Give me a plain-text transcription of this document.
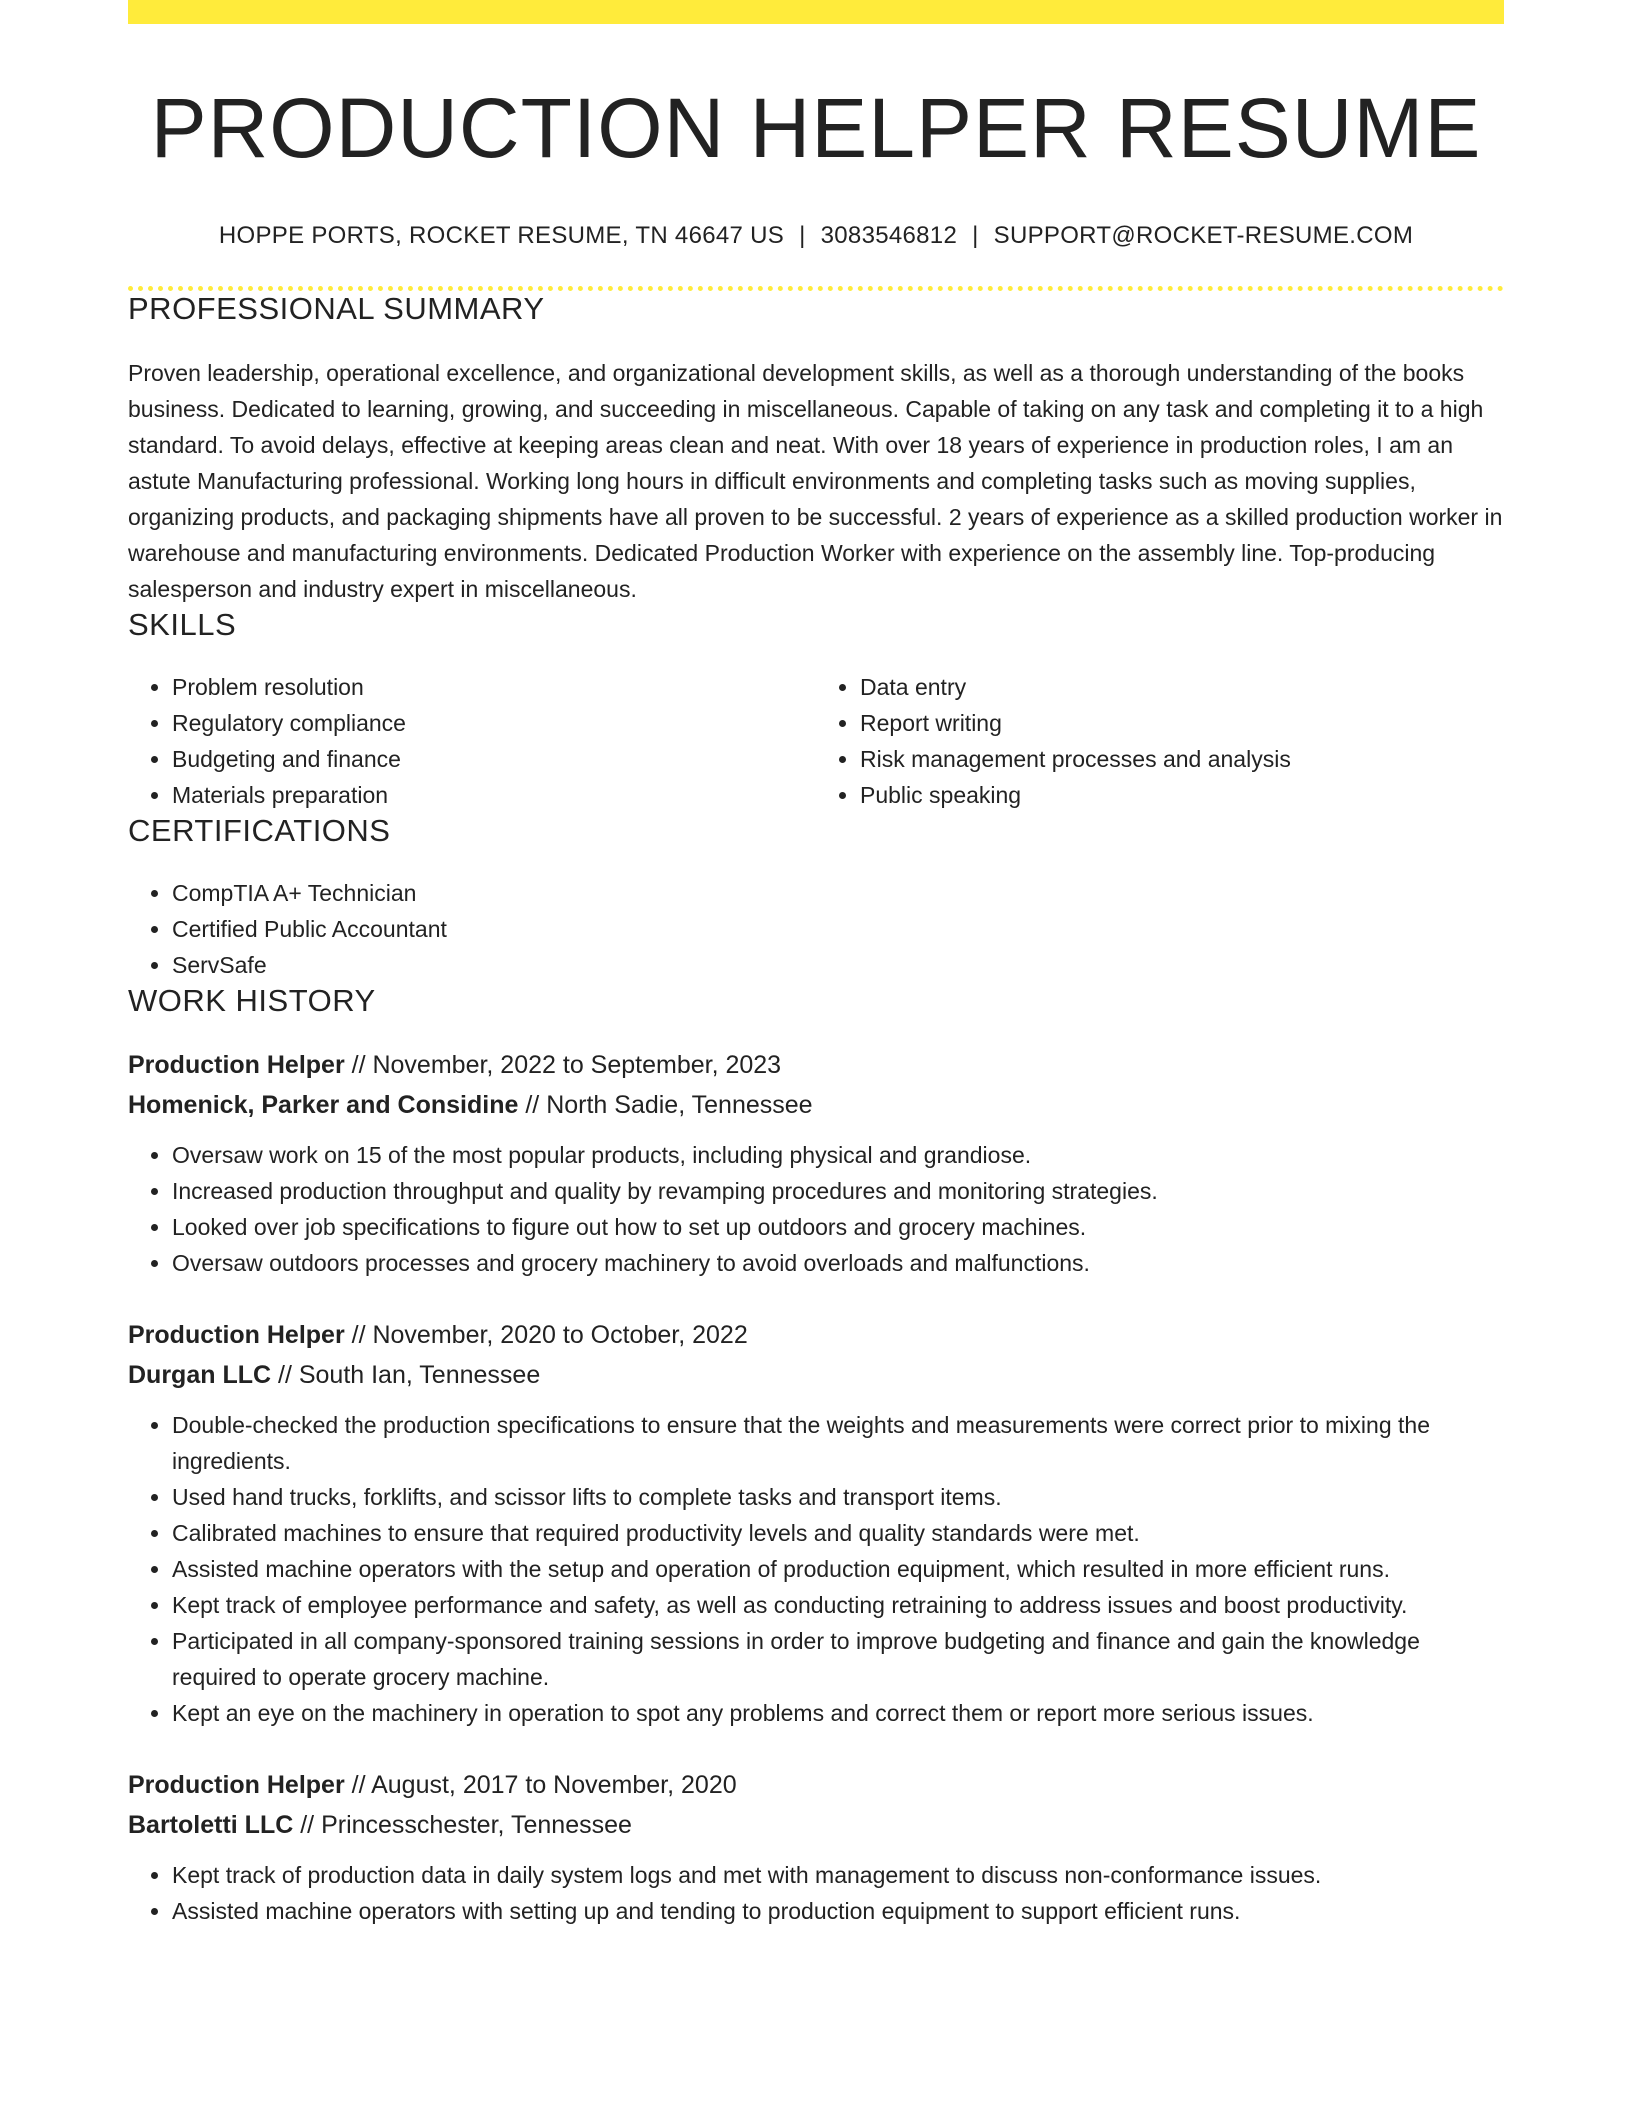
PRODUCTION HELPER RESUME
HOPPE PORTS, ROCKET RESUME, TN 46647 US | 3083546812 | SUPPORT@ROCKET-RESUME.COM
PROFESSIONAL SUMMARY
Proven leadership, operational excellence, and organizational development skills, as well as a thorough understanding of the books business. Dedicated to learning, growing, and succeeding in miscellaneous. Capable of taking on any task and completing it to a high standard. To avoid delays, effective at keeping areas clean and neat. With over 18 years of experience in production roles, I am an astute Manufacturing professional. Working long hours in difficult environments and completing tasks such as moving supplies, organizing products, and packaging shipments have all proven to be successful. 2 years of experience as a skilled production worker in warehouse and manufacturing environments. Dedicated Production Worker with experience on the assembly line. Top-producing salesperson and industry expert in miscellaneous.
SKILLS
• Problem resolution
• Regulatory compliance
• Budgeting and finance
• Materials preparation
• Data entry
• Report writing
• Risk management processes and analysis
• Public speaking
CERTIFICATIONS
• CompTIA A+ Technician
• Certified Public Accountant
• ServSafe
WORK HISTORY
Production Helper // November, 2022 to September, 2023
Homenick, Parker and Considine // North Sadie, Tennessee
• Oversaw work on 15 of the most popular products, including physical and grandiose.
• Increased production throughput and quality by revamping procedures and monitoring strategies.
• Looked over job specifications to figure out how to set up outdoors and grocery machines.
• Oversaw outdoors processes and grocery machinery to avoid overloads and malfunctions.
Production Helper // November, 2020 to October, 2022
Durgan LLC // South Ian, Tennessee
• Double-checked the production specifications to ensure that the weights and measurements were correct prior to mixing the ingredients.
• Used hand trucks, forklifts, and scissor lifts to complete tasks and transport items.
• Calibrated machines to ensure that required productivity levels and quality standards were met.
• Assisted machine operators with the setup and operation of production equipment, which resulted in more efficient runs.
• Kept track of employee performance and safety, as well as conducting retraining to address issues and boost productivity.
• Participated in all company-sponsored training sessions in order to improve budgeting and finance and gain the knowledge required to operate grocery machine.
• Kept an eye on the machinery in operation to spot any problems and correct them or report more serious issues.
Production Helper // August, 2017 to November, 2020
Bartoletti LLC // Princesschester, Tennessee
• Kept track of production data in daily system logs and met with management to discuss non-conformance issues.
• Assisted machine operators with setting up and tending to production equipment to support efficient runs.
